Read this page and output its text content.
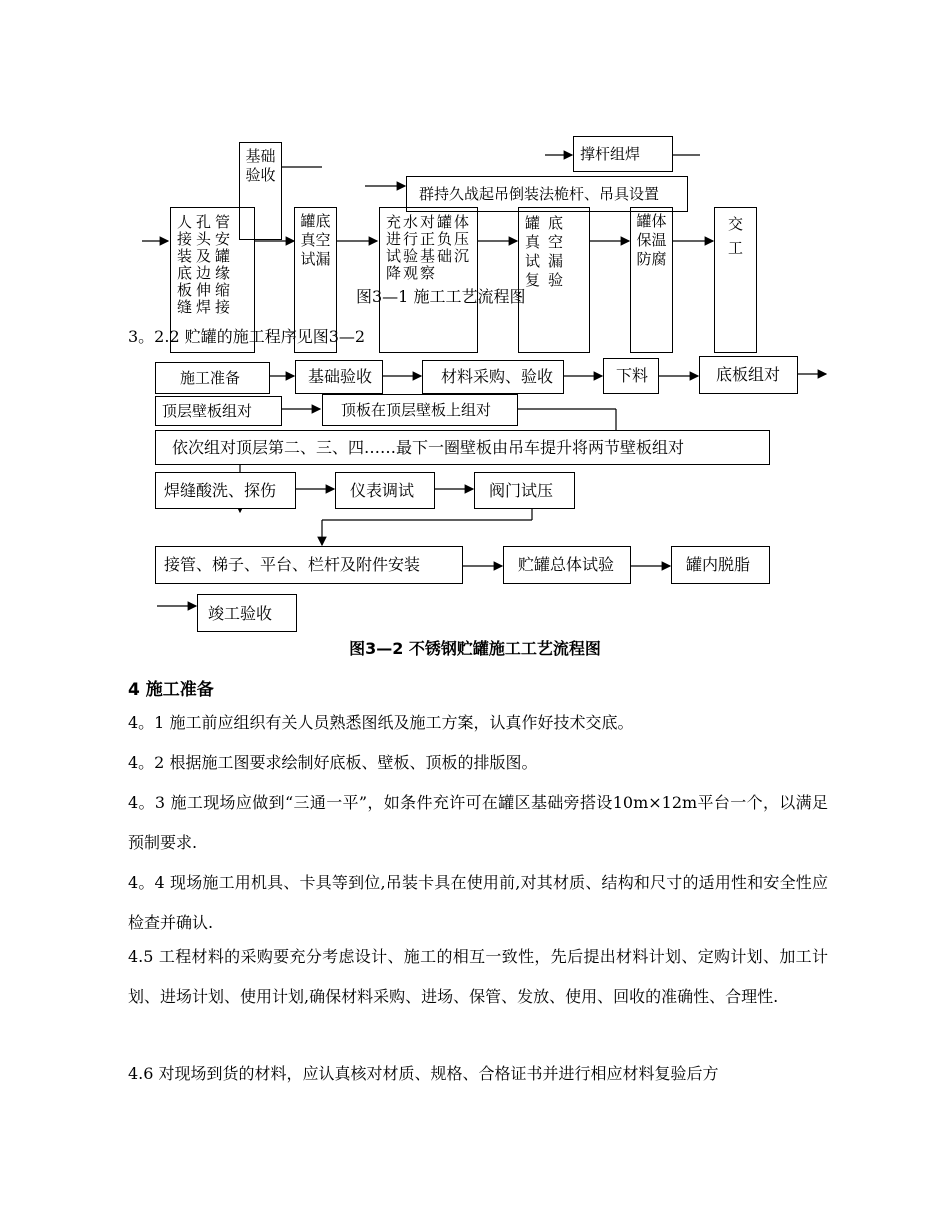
基础验收
撑杆组焊
群持久战起吊倒装法桅杆、吊具设置
人孔管接头安装及罐底边缘板伸缩缝焊接
罐底真空试漏
图3—1 施工工艺流程图
充水对罐体进行正负压试验基础沉降观察
罐底真空试漏复验
罐体保温防腐
交  工
3。2.2 贮罐的施工程序见图3—2
施工准备	基础验收	材料采购、验收	下料	底板组对
顶层壁板组对	顶板在顶层壁板上组对
依次组对顶层第二、三、四……最下一圈壁板由吊车提升将两节壁板组对
焊缝酸洗、探伤	仪表调试	阀门试压
接管、梯子、平台、栏杆及附件安装	贮罐总体试验	罐内脱脂
竣工验收
图3—2 不锈钢贮罐施工工艺流程图
4 施工准备
4。1 施工前应组织有关人员熟悉图纸及施工方案，认真作好技术交底。
4。2 根据施工图要求绘制好底板、壁板、顶板的排版图。
4。3 施工现场应做到“三通一平”，如条件充许可在罐区基础旁搭设10m×12m平台一个，以满足预制要求.
4。4 现场施工用机具、卡具等到位,吊装卡具在使用前,对其材质、结构和尺寸的适用性和安全性应检查并确认.
4.5 工程材料的采购要充分考虑设计、施工的相互一致性，先后提出材料计划、定购计划、加工计划、进场计划、使用计划,确保材料采购、进场、保管、发放、使用、回收的准确性、合理性.
4.6 对现场到货的材料，应认真核对材质、规格、合格证书并进行相应材料复验后方
